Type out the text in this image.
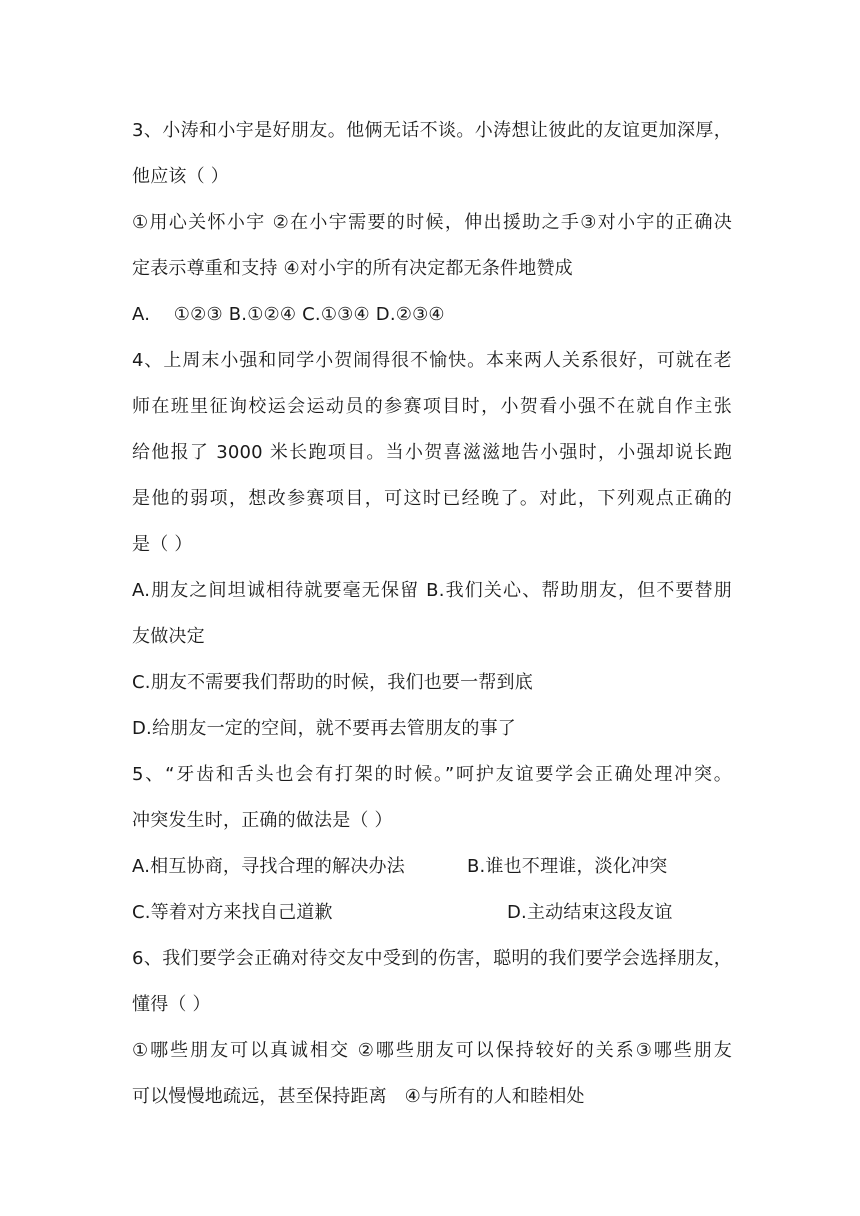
3、小涛和小宇是好朋友。他俩无话不谈。小涛想让彼此的友谊更加深厚，
他应该（ ）
①用心关怀小宇 ②在小宇需要的时候，伸出援助之手③对小宇的正确决
定表示尊重和支持 ④对小宇的所有决定都无条件地赞成
A.    ①②③ B.①②④ C.①③④ D.②③④
4、上周末小强和同学小贺闹得很不愉快。本来两人关系很好，可就在老
师在班里征询校运会运动员的参赛项目时，小贺看小强不在就自作主张
给他报了 3000 米长跑项目。当小贺喜滋滋地告小强时，小强却说长跑
是他的弱项，想改参赛项目，可这时已经晚了。对此，下列观点正确的
是（ ）
A.朋友之间坦诚相待就要毫无保留 B.我们关心、帮助朋友，但不要替朋
友做决定
C.朋友不需要我们帮助的时候，我们也要一帮到底
D.给朋友一定的空间，就不要再去管朋友的事了
5、“牙齿和舌头也会有打架的时候。”呵护友谊要学会正确处理冲突。
冲突发生时，正确的做法是（ ）
A.相互协商，寻找合理的解决办法	B.谁也不理谁，淡化冲突
C.等着对方来找自己道歉	D.主动结束这段友谊
6、我们要学会正确对待交友中受到的伤害，聪明的我们要学会选择朋友，
懂得（ ）
①哪些朋友可以真诚相交 ②哪些朋友可以保持较好的关系③哪些朋友
可以慢慢地疏远，甚至保持距离   ④与所有的人和睦相处
